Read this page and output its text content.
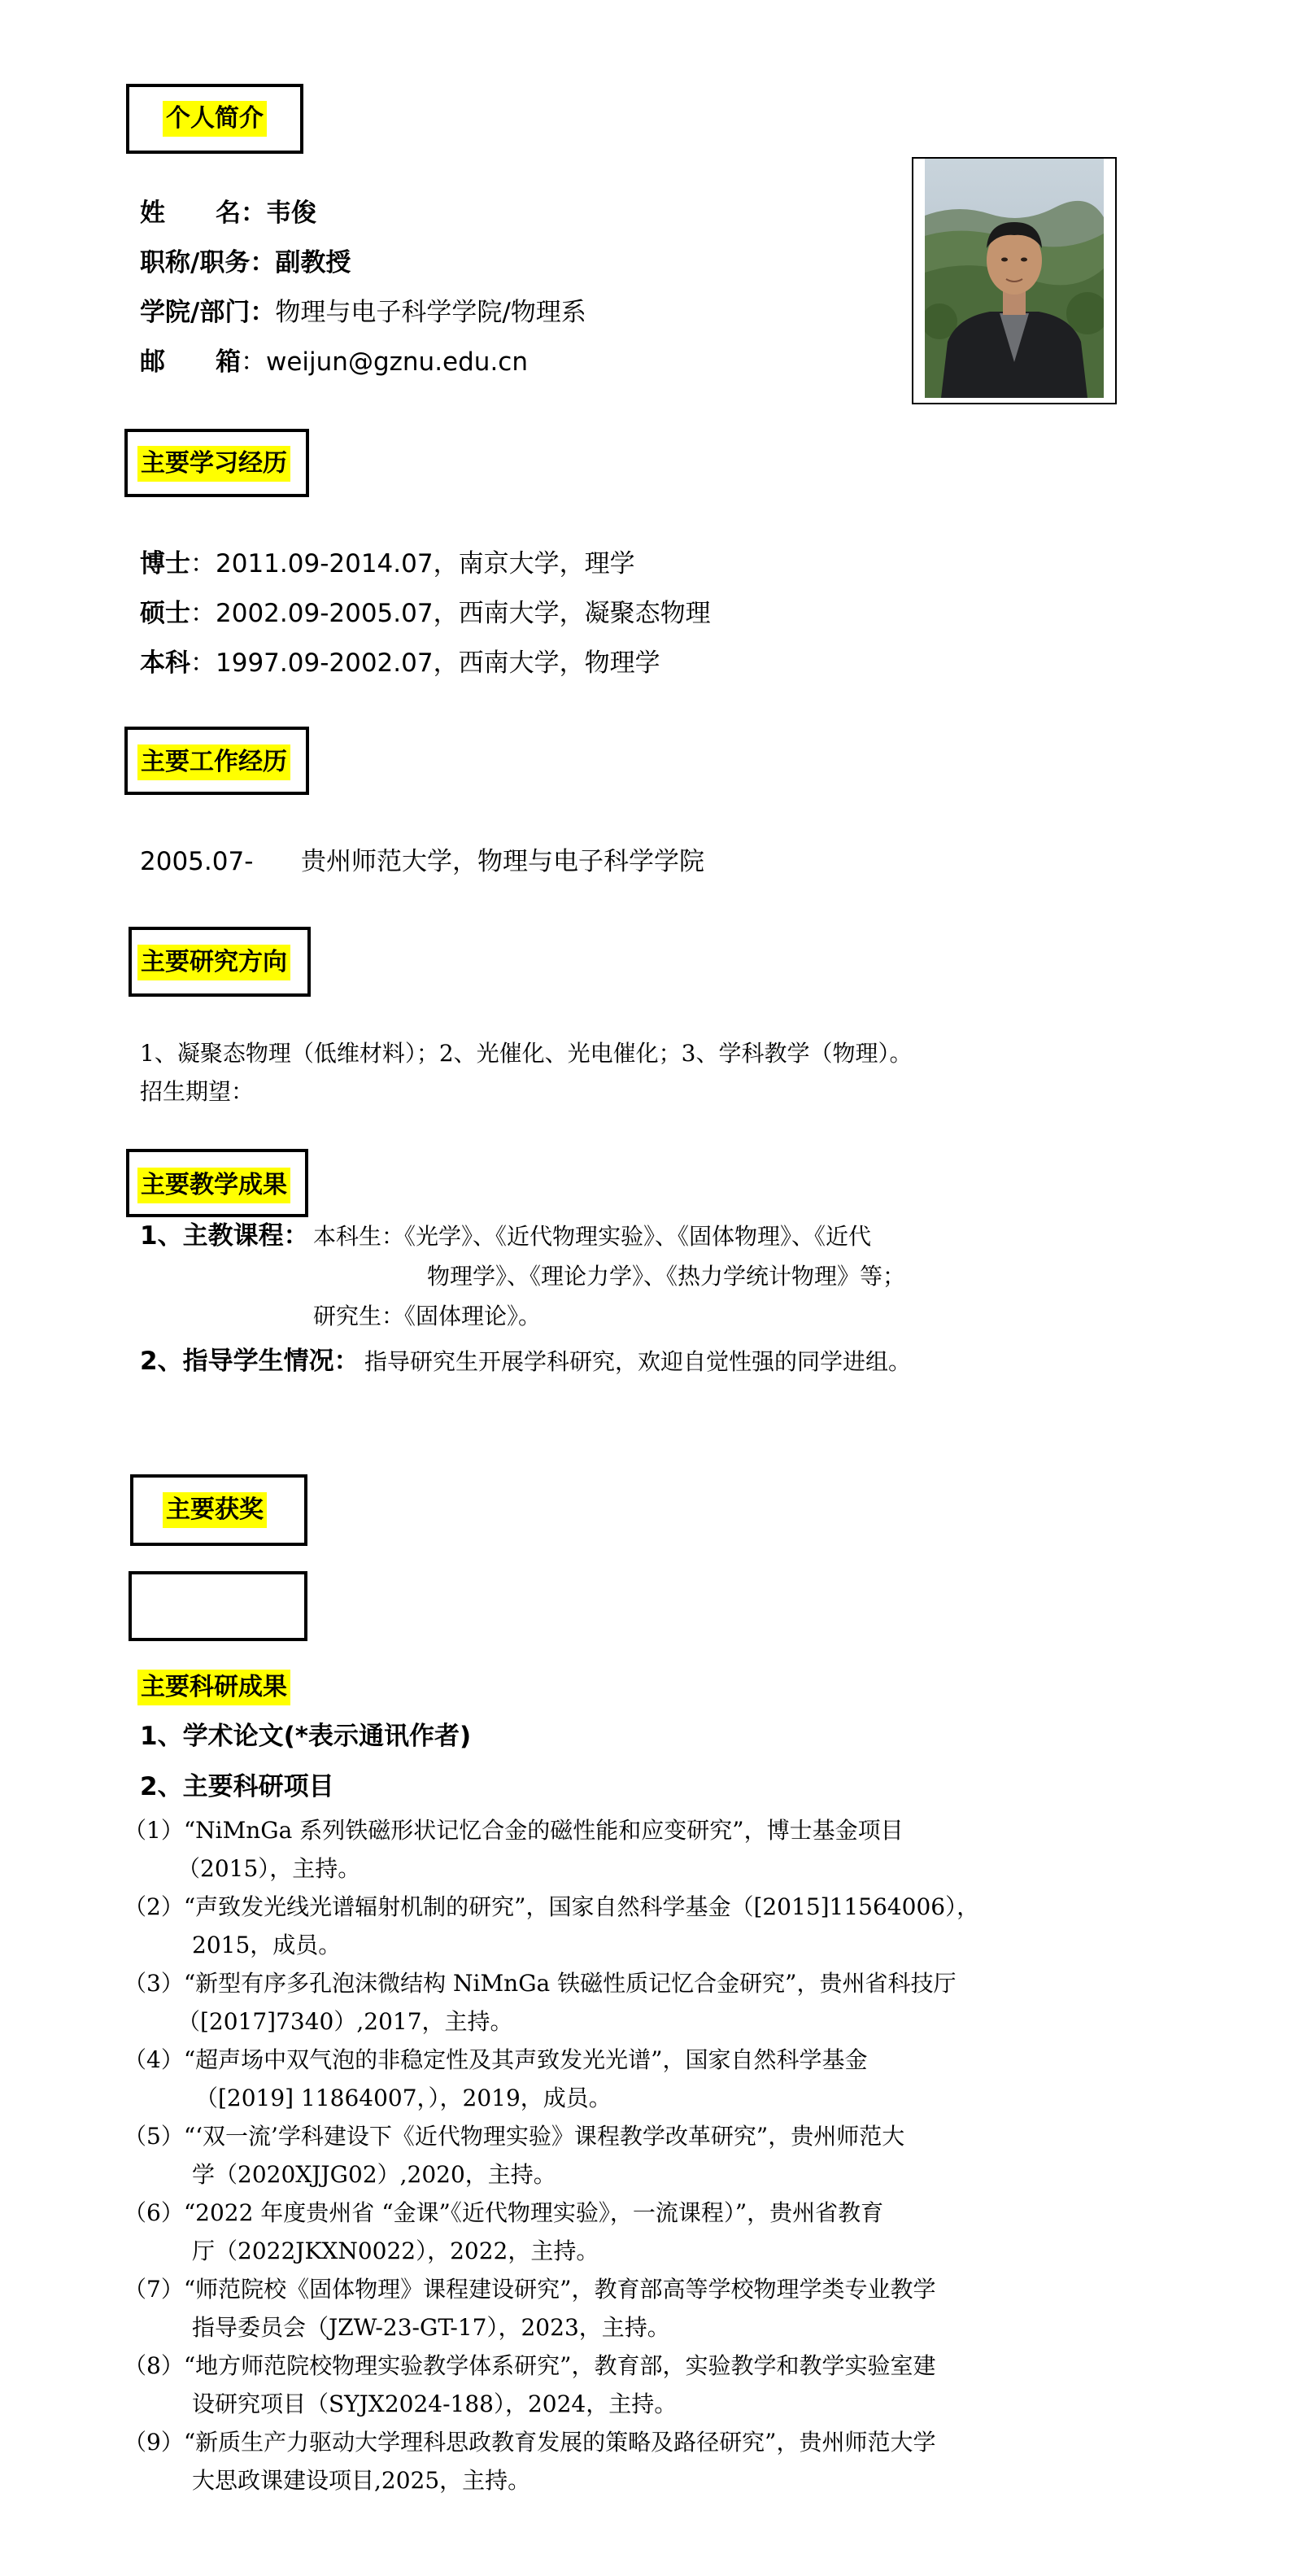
个人简介
姓　　名：韦俊
职称/职务：副教授
学院/部门：物理与电子科学学院/物理系
邮　　箱：weijun@gznu.edu.cn
主要学习经历
博士：2011.09-2014.07，南京大学，理学
硕士：2002.09-2005.07，西南大学，凝聚态物理
本科：1997.09-2002.07，西南大学，物理学
主要工作经历
2005.07- 贵州师范大学，物理与电子科学学院
主要研究方向
1、凝聚态物理（低维材料）；2、光催化、光电催化；3、学科教学（物理）。
招生期望：
主要教学成果
1、主教课程： 本科生：《光学》、《近代物理实验》、《固体物理》、《近代
物理学》、《理论力学》、《热力学统计物理》等；
研究生：《固体理论》。
2、指导学生情况： 指导研究生开展学科研究，欢迎自觉性强的同学进组。
主要获奖
主要科研成果
1、学术论文(*表示通讯作者)
2、主要科研项目
（1）“NiMnGa 系列铁磁形状记忆合金的磁性能和应变研究”，博士基金项目
（2015），主持。
（2）“声致发光线光谱辐射机制的研究”，国家自然科学基金（[2015]11564006），
2015，成员。
（3）“新型有序多孔泡沫微结构 NiMnGa 铁磁性质记忆合金研究”，贵州省科技厅
（[2017]7340）,2017，主持。
（4）“超声场中双气泡的非稳定性及其声致发光光谱”，国家自然科学基金
（[2019] 11864007，），2019，成员。
（5）“‘双一流’学科建设下《近代物理实验》课程教学改革研究”，贵州师范大
学（2020XJJG02）,2020，主持。
（6）“2022 年度贵州省 “金课”《近代物理实验》，一流课程）”，贵州省教育
厅（2022JKXN0022），2022，主持。
（7）“师范院校《固体物理》课程建设研究”，教育部高等学校物理学类专业教学
指导委员会（JZW-23-GT-17），2023，主持。
（8）“地方师范院校物理实验教学体系研究”，教育部，实验教学和教学实验室建
设研究项目（SYJX2024-188），2024，主持。
（9）“新质生产力驱动大学理科思政教育发展的策略及路径研究”，贵州师范大学
大思政课建设项目,2025，主持。
